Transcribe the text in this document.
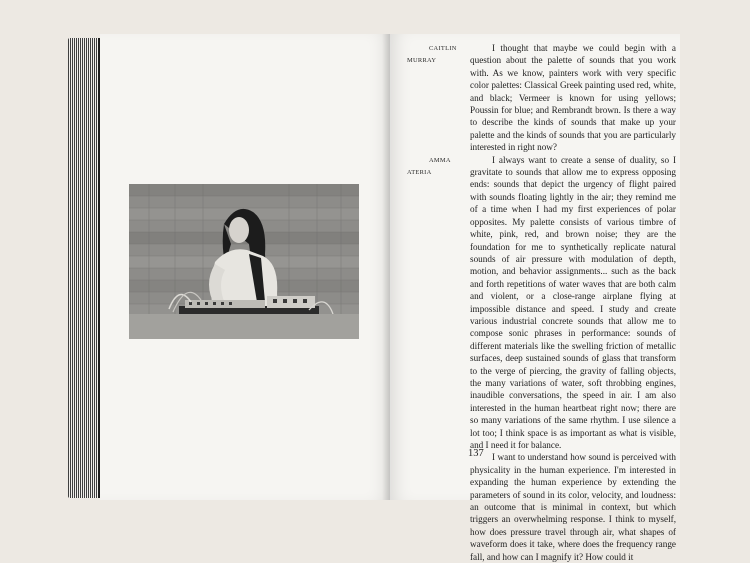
CAITLIN MURRAY
I thought that maybe we could begin with a question about the palette of sounds that you work with. As we know, painters work with very specific color palettes: Classical Greek painting used red, white, and black; Vermeer is known for using yellows; Poussin for blue; and Rembrandt brown. Is there a way to describe the kinds of sounds that make up your palette and the kinds of sounds that you are particularly interested in right now?

AMMA ATERIA
I always want to create a sense of duality, so I gravitate to sounds that allow me to express opposing ends: sounds that depict the urgency of flight paired with sounds floating lightly in the air; they remind me of a time when I had my first experiences of polar opposites. My palette consists of various timbre of white, pink, red, and brown noise; they are the foundation for me to synthetically replicate natural sounds of air pressure with modulation of depth, motion, and behavior assignments... such as the back and forth repetitions of water waves that are both calm and violent, or a close-range airplane flying at impossible distance and speed. I study and create various industrial concrete sounds that allow me to compose sonic phrases in performance: sounds of different materials like the swelling friction of metallic surfaces, deep sustained sounds of glass that transform to the verge of piercing, the gravity of falling objects, the many variations of water, soft throbbing engines, inaudible conversations, the speed in air. I am also interested in the human heartbeat right now; there are so many variations of the same rhythm. I use silence a lot too; I think space is as important as what is visible, and I need it for balance.

I want to understand how sound is perceived with physicality in the human experience. I'm interested in expanding the human experience by extending the parameters of sound in its color, velocity, and loudness: an outcome that is minimal in context, but which triggers an overwhelming response. I think to myself, how does pressure travel through air, what shapes of waveform does it take, where does the frequency range fall, and how can I magnify it? How could it

137
